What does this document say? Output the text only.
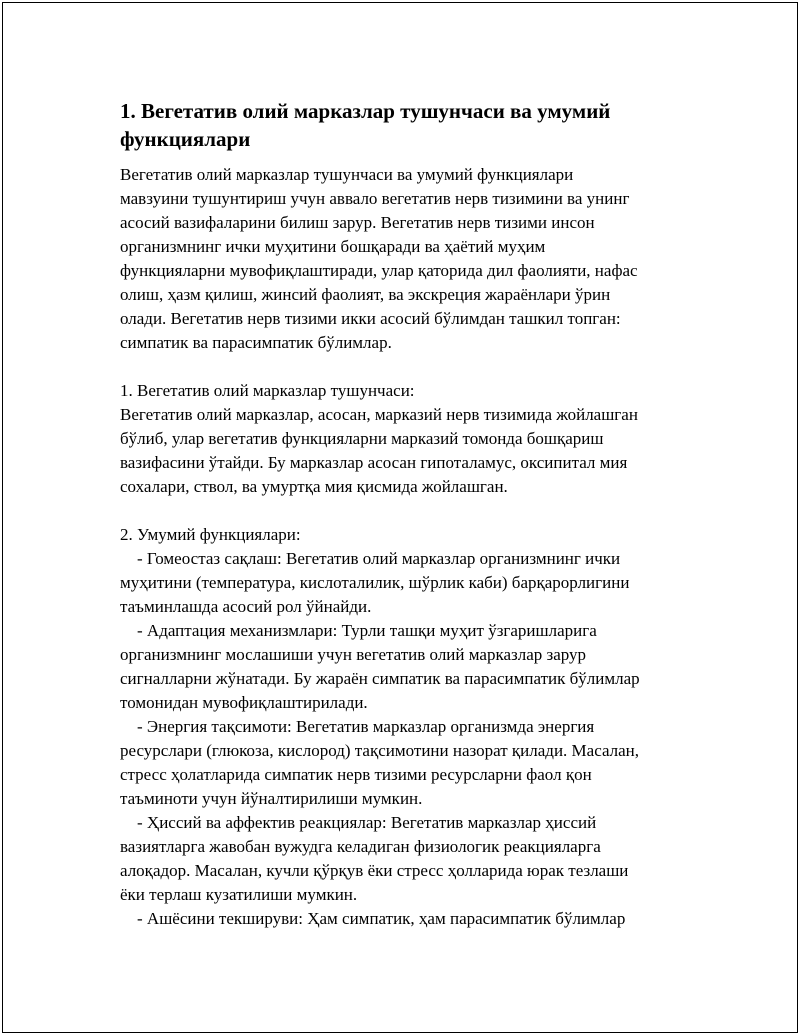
1. Вегетатив олий марказлар тушунчаси ва умумий
функциялари
Вегетатив олий марказлар тушунчаси ва умумий функциялари
мавзуини тушунтириш учун аввало вегетатив нерв тизимини ва унинг
асосий вазифаларини билиш зарур. Вегетатив нерв тизими инсон
организмнинг ички муҳитини бошқаради ва ҳаётий муҳим
функцияларни мувофиқлаштиради, улар қаторида дил фаолияти, нафас
олиш, ҳазм қилиш, жинсий фаолият, ва экскреция жараёнлари ўрин
олади. Вегетатив нерв тизими икки асосий бўлимдан ташкил топган:
симпатик ва парасимпатик бўлимлар.
1. Вегетатив олий марказлар тушунчаси:
Вегетатив олий марказлар, асосан, марказий нерв тизимида жойлашган
бўлиб, улар вегетатив функцияларни марказий томонда бошқариш
вазифасини ўтайди. Бу марказлар асосан гипоталамус, оксипитал мия
сохалари, ствол, ва умуртқа мия қисмида жойлашган.
2. Умумий функциялари:
- Гомеостаз сақлаш: Вегетатив олий марказлар организмнинг ички
муҳитини (температура, кислоталилик, шўрлик каби) барқарорлигини
таъминлашда асосий рол ўйнайди.
- Адаптация механизмлари: Турли ташқи муҳит ўзгаришларига
организмнинг мослашиши учун вегетатив олий марказлар зарур
сигналларни жўнатади. Бу жараён симпатик ва парасимпатик бўлимлар
томонидан мувофиқлаштирилади.
- Энергия тақсимоти: Вегетатив марказлар организмда энергия
ресурслари (глюкоза, кислород) тақсимотини назорат қилади. Масалан,
стресс ҳолатларида симпатик нерв тизими ресурсларни фаол қон
таъминоти учун йўналтирилиши мумкин.
- Ҳиссий ва аффектив реакциялар: Вегетатив марказлар ҳиссий
вазиятларга жавобан вужудга келадиган физиологик реакцияларга
алоқадор. Масалан, кучли қўрқув ёки стресс ҳолларида юрак тезлаши
ёки терлаш кузатилиши мумкин.
- Ашёсини текшируви: Ҳам симпатик, ҳам парасимпатик бўлимлар
